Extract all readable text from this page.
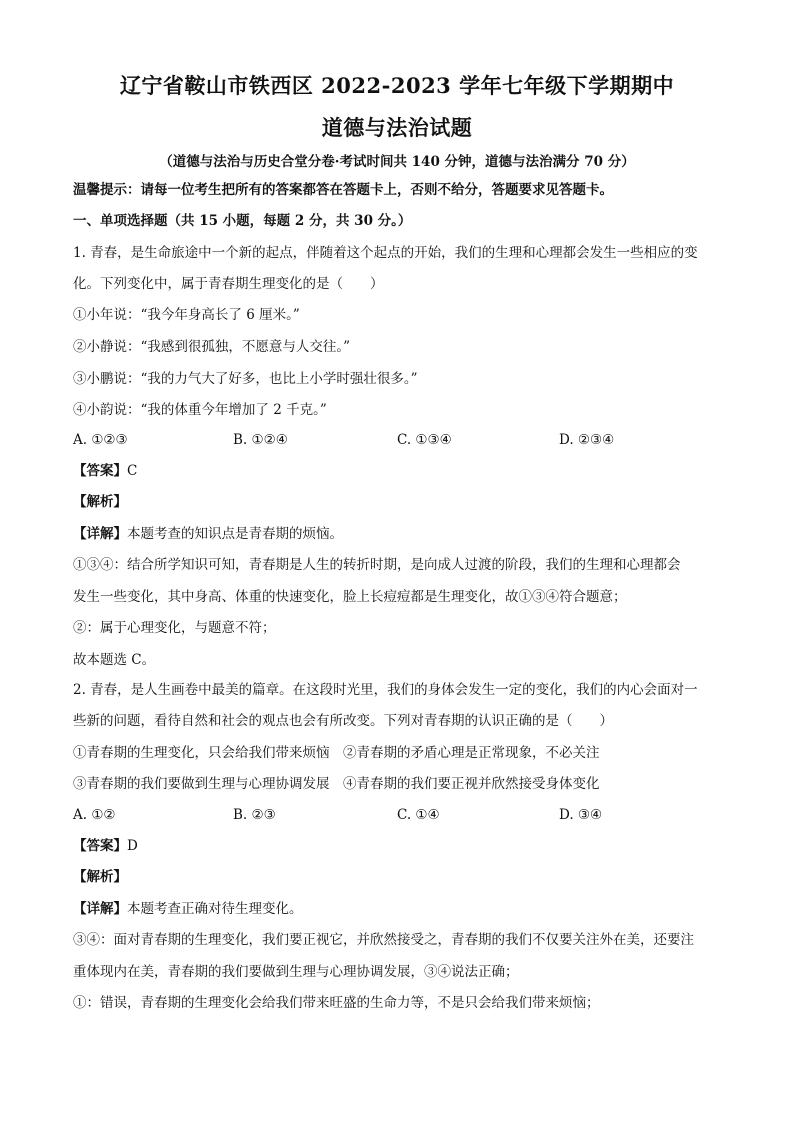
辽宁省鞍山市铁西区 2022-2023 学年七年级下学期期中
道德与法治试题
（道德与法治与历史合堂分卷·考试时间共 140 分钟，道德与法治满分 70 分）
温馨提示：请每一位考生把所有的答案都答在答题卡上，否则不给分，答题要求见答题卡。
一、单项选择题（共 15 小题，每题 2 分，共 30 分。）
1. 青春，是生命旅途中一个新的起点，伴随着这个起点的开始，我们的生理和心理都会发生一些相应的变
化。下列变化中，属于青春期生理变化的是（　　）
①小年说：“我今年身高长了 6 厘米。”
②小静说：“我感到很孤独，不愿意与人交往。”
③小鹏说：“我的力气大了好多，也比上小学时强壮很多。”
④小韵说：“我的体重今年增加了 2 千克。”
A. ①②③	B. ①②④	C. ①③④	D. ②③④
【答案】C
【解析】
【详解】本题考查的知识点是青春期的烦恼。
①③④：结合所学知识可知，青春期是人生的转折时期，是向成人过渡的阶段，我们的生理和心理都会
发生一些变化，其中身高、体重的快速变化，脸上长痘痘都是生理变化，故①③④符合题意；
②：属于心理变化，与题意不符；
故本题选 C。
2. 青春，是人生画卷中最美的篇章。在这段时光里，我们的身体会发生一定的变化，我们的内心会面对一
些新的问题，看待自然和社会的观点也会有所改变。下列对青春期的认识正确的是（　　）
①青春期的生理变化，只会给我们带来烦恼　②青春期的矛盾心理是正常现象，不必关注
③青春期的我们要做到生理与心理协调发展　④青春期的我们要正视并欣然接受身体变化
A. ①②	B. ②③	C. ①④	D. ③④
【答案】D
【解析】
【详解】本题考查正确对待生理变化。
③④：面对青春期的生理变化，我们要正视它，并欣然接受之，青春期的我们不仅要关注外在美，还要注
重体现内在美，青春期的我们要做到生理与心理协调发展，③④说法正确；
①：错误，青春期的生理变化会给我们带来旺盛的生命力等，不是只会给我们带来烦恼；
